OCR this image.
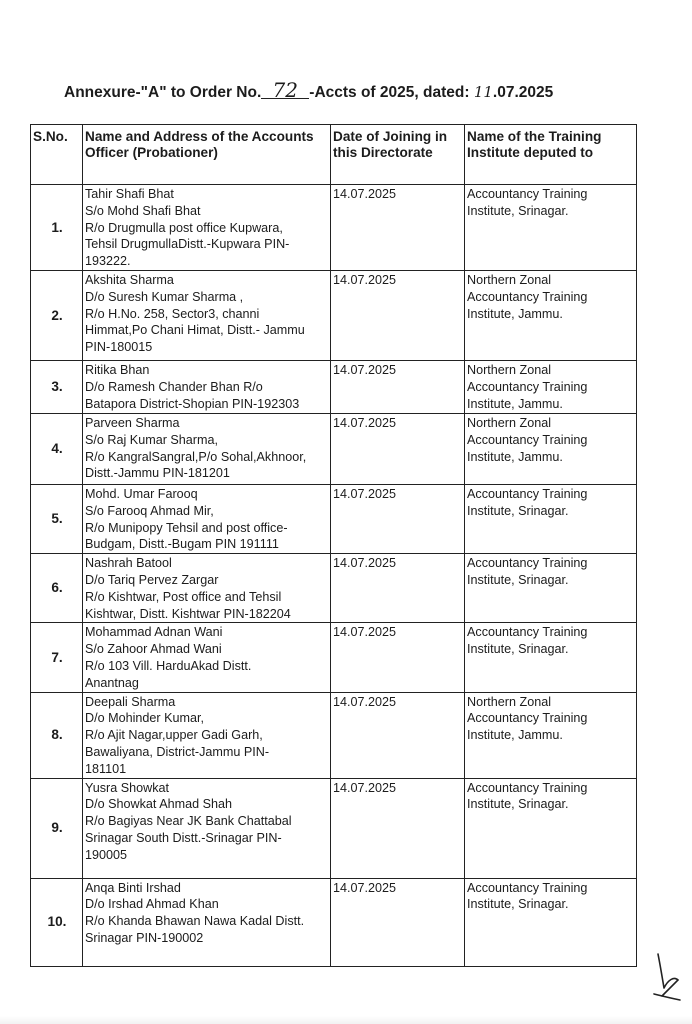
Annexure-"A" to Order No. 72 -Accts of 2025, dated: 11.07.2025
S.No.	Name and Address of the Accounts Officer (Probationer)	Date of Joining in this Directorate	Name of the Training Institute deputed to
1.	Tahir Shafi Bhat
S/o Mohd Shafi Bhat
R/o Drugmulla post office Kupwara,
Tehsil DrugmullaDistt.-Kupwara PIN-
193222.	14.07.2025	Accountancy Training
Institute, Srinagar.

2.	Akshita Sharma
D/o Suresh Kumar Sharma ,
R/o H.No. 258, Sector3, channi
Himmat,Po Chani Himat, Distt.- Jammu
PIN-180015	14.07.2025	Northern Zonal
Accountancy Training
Institute, Jammu.

3.	Ritika Bhan
D/o Ramesh Chander Bhan R/o
Batapora District-Shopian PIN-192303	14.07.2025	Northern Zonal
Accountancy Training
Institute, Jammu.

4.	Parveen Sharma
S/o Raj Kumar Sharma,
R/o KangralSangral,P/o Sohal,Akhnoor,
Distt.-Jammu PIN-181201	14.07.2025	Northern Zonal
Accountancy Training
Institute, Jammu.

5.	Mohd. Umar Farooq
S/o Farooq Ahmad Mir,
R/o Munipopy Tehsil and post office-
Budgam, Distt.-Bugam PIN 191111	14.07.2025	Accountancy Training
Institute, Srinagar.

6.	Nashrah Batool
D/o Tariq Pervez Zargar
R/o Kishtwar, Post office and Tehsil
Kishtwar, Distt. Kishtwar PIN-182204	14.07.2025	Accountancy Training
Institute, Srinagar.

7.	Mohammad Adnan Wani
S/o Zahoor Ahmad Wani
R/o 103 Vill. HarduAkad Distt.
Anantnag	14.07.2025	Accountancy Training
Institute, Srinagar.

8.	Deepali Sharma
D/o Mohinder Kumar,
R/o Ajit Nagar,upper Gadi Garh,
Bawaliyana, District-Jammu PIN-
181101	14.07.2025	Northern Zonal
Accountancy Training
Institute, Jammu.

9.	Yusra Showkat
D/o Showkat Ahmad Shah
R/o Bagiyas Near JK Bank Chattabal
Srinagar South Distt.-Srinagar PIN-
190005	14.07.2025	Accountancy Training
Institute, Srinagar.

10.	Anqa Binti Irshad
D/o Irshad Ahmad Khan
R/o Khanda Bhawan Nawa Kadal Distt.
Srinagar PIN-190002	14.07.2025	Accountancy Training
Institute, Srinagar.
